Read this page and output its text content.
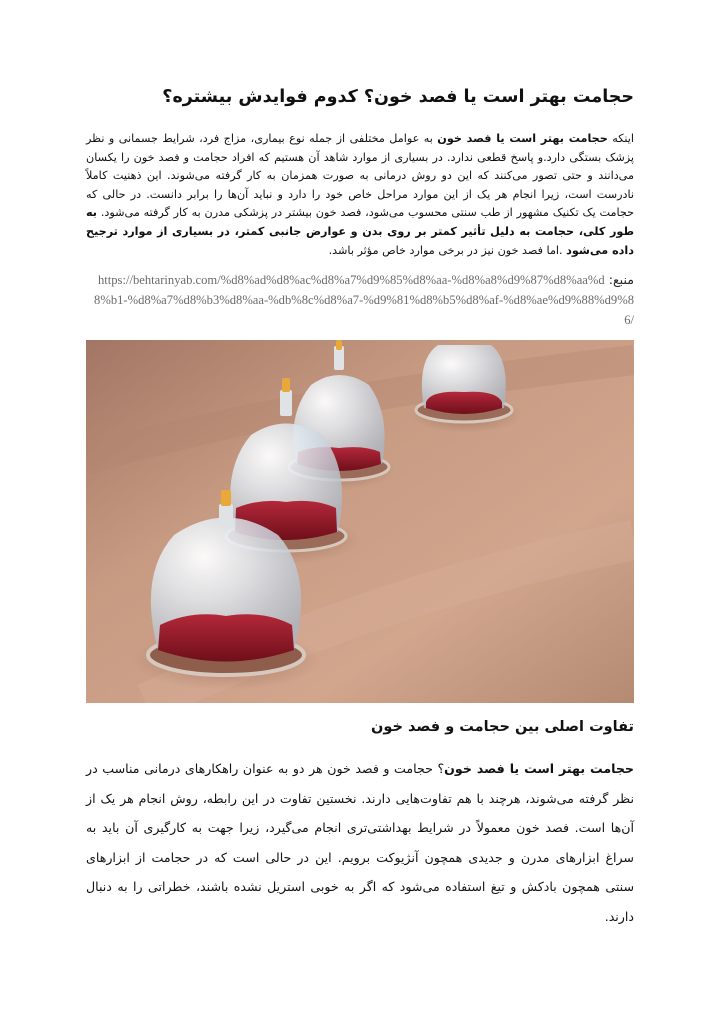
حجامت بهتر است یا فصد خون؟ کدوم فوایدش بیشتره؟

اینکه حجامت بهتر است یا فصد خون به عوامل مختلفی از جمله نوع بیماری، مزاج فرد، شرایط جسمانی و نظر پزشک بستگی دارد.و پاسخ قطعی ندارد. در بسیاری از موارد شاهد آن هستیم که افراد حجامت و فصد خون را یکسان می‌دانند و حتی تصور می‌کنند که این دو روش درمانی به صورت همزمان به کار گرفته می‌شوند. این ذهنیت کاملاً نادرست است، زیرا انجام هر یک از این موارد مراحل خاص خود را دارد و نباید آن‌ها را برابر دانست. در حالی که حجامت یک تکنیک مشهور از طب سنتی محسوب می‌شود، فصد خون بیشتر در پزشکی مدرن به کار گرفته می‌شود. به طور کلی، حجامت به دلیل تأثیر کمتر بر روی بدن و عوارض جانبی کمتر، در بسیاری از موارد ترجیح داده می‌شود .اما فصد خون نیز در برخی موارد خاص مؤثر باشد.

منبع: https://behtarinyab.com/%d8%ad%d8%ac%d8%a7%d9%85%d8%aa-%d8%a8%d9%87%d8%aa%d8%b1-%d8%a7%d8%b3%d8%aa-%db%8c%d8%a7-%d9%81%d8%b5%d8%af-%d8%ae%d9%88%d9%86/

تفاوت اصلی بین حجامت و فصد خون

حجامت بهتر است یا فصد خون؟ حجامت و فصد خون هر دو به عنوان راهکارهای درمانی مناسب در نظر گرفته می‌شوند، هرچند با هم تفاوت‌هایی دارند. نخستین تفاوت در این رابطه، روش انجام هر یک از آن‌ها است. فصد خون معمولاً در شرایط بهداشتی‌تری انجام می‌گیرد، زیرا جهت به کارگیری آن باید به سراغ ابزارهای مدرن و جدیدی همچون آنژیوکت برویم. این در حالی است که در حجامت از ابزارهای سنتی همچون بادکش و تیغ استفاده می‌شود که اگر به خوبی استریل نشده باشند، خطراتی را به دنبال دارند.
